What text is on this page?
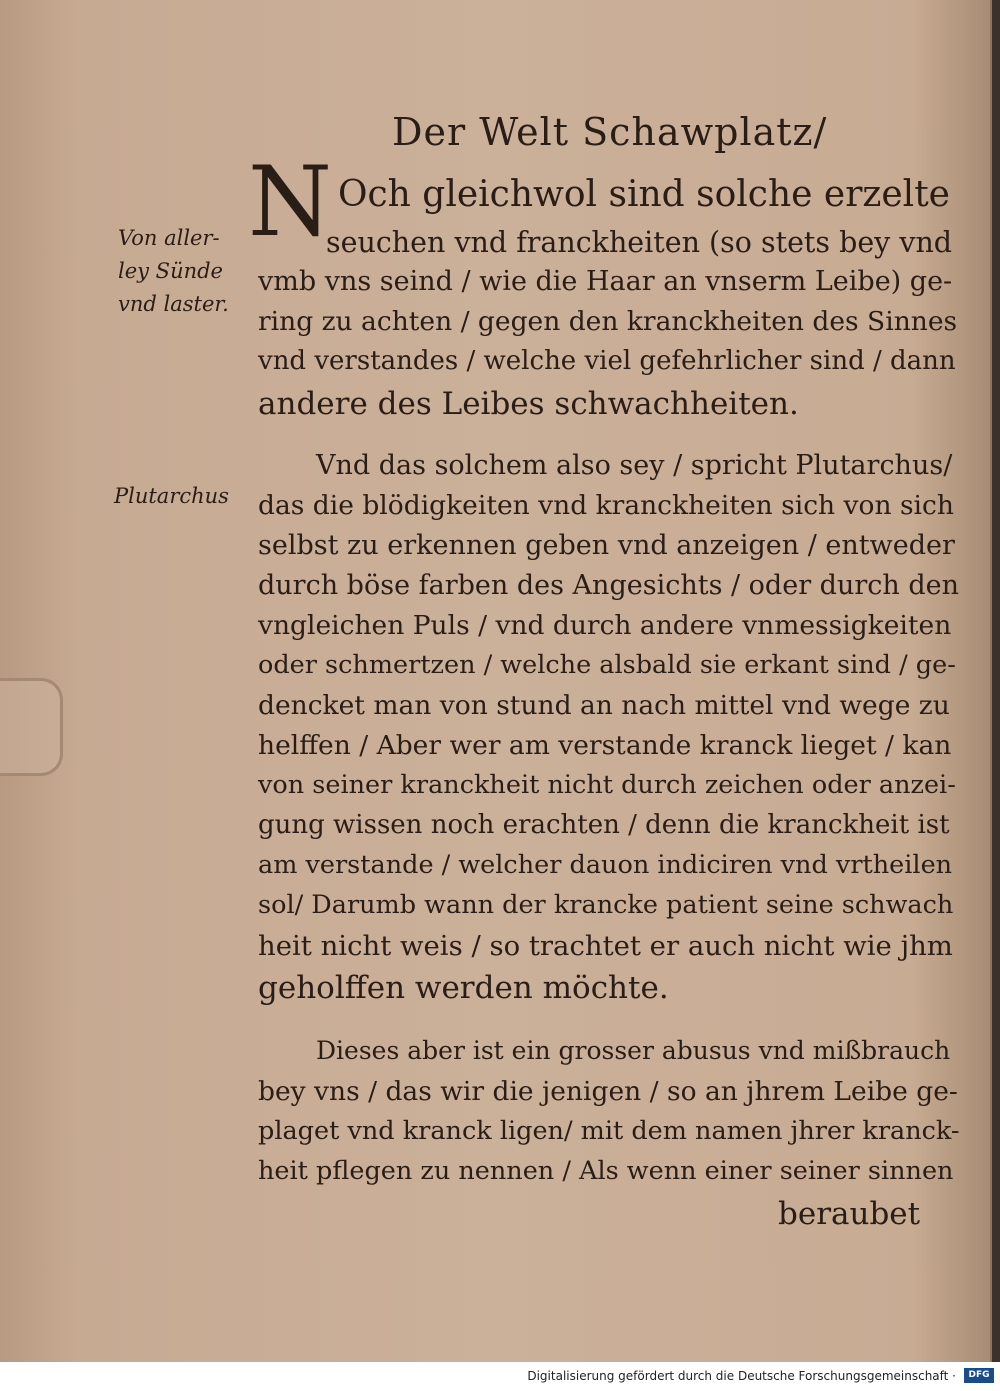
Der Welt Schawplatz/
Von aller-
ley Sünde
vnd laster.
Plutarchus
N Och gleichwol sind solche erzelte
seuchen vnd franckheiten (so stets bey vnd
vmb vns seind / wie die Haar an vnserm Leibe) ge-
ring zu achten / gegen den kranckheiten des Sinnes
vnd verstandes / welche viel gefehrlicher sind / dann
andere des Leibes schwachheiten.
Vnd das solchem also sey / spricht Plutarchus/
das die blödigkeiten vnd kranckheiten sich von sich
selbst zu erkennen geben vnd anzeigen / entweder
durch böse farben des Angesichts / oder durch den
vngleichen Puls / vnd durch andere vnmessigkeiten
oder schmertzen / welche alsbald sie erkant sind / ge-
dencket man von stund an nach mittel vnd wege zu
helffen / Aber wer am verstande kranck lieget / kan
von seiner kranckheit nicht durch zeichen oder anzei-
gung wissen noch erachten / denn die kranckheit ist
am verstande / welcher dauon indiciren vnd vrtheilen
sol/ Darumb wann der krancke patient seine schwach
heit nicht weis / so trachtet er auch nicht wie jhm
geholffen werden möchte.
Dieses aber ist ein grosser abusus vnd mißbrauch
bey vns / das wir die jenigen / so an jhrem Leibe ge-
plaget vnd kranck ligen/ mit dem namen jhrer kranck-
heit pflegen zu nennen / Als wenn einer seiner sinnen
beraubet
Digitalisierung gefördert durch die Deutsche Forschungsgemeinschaft ·	DFG
